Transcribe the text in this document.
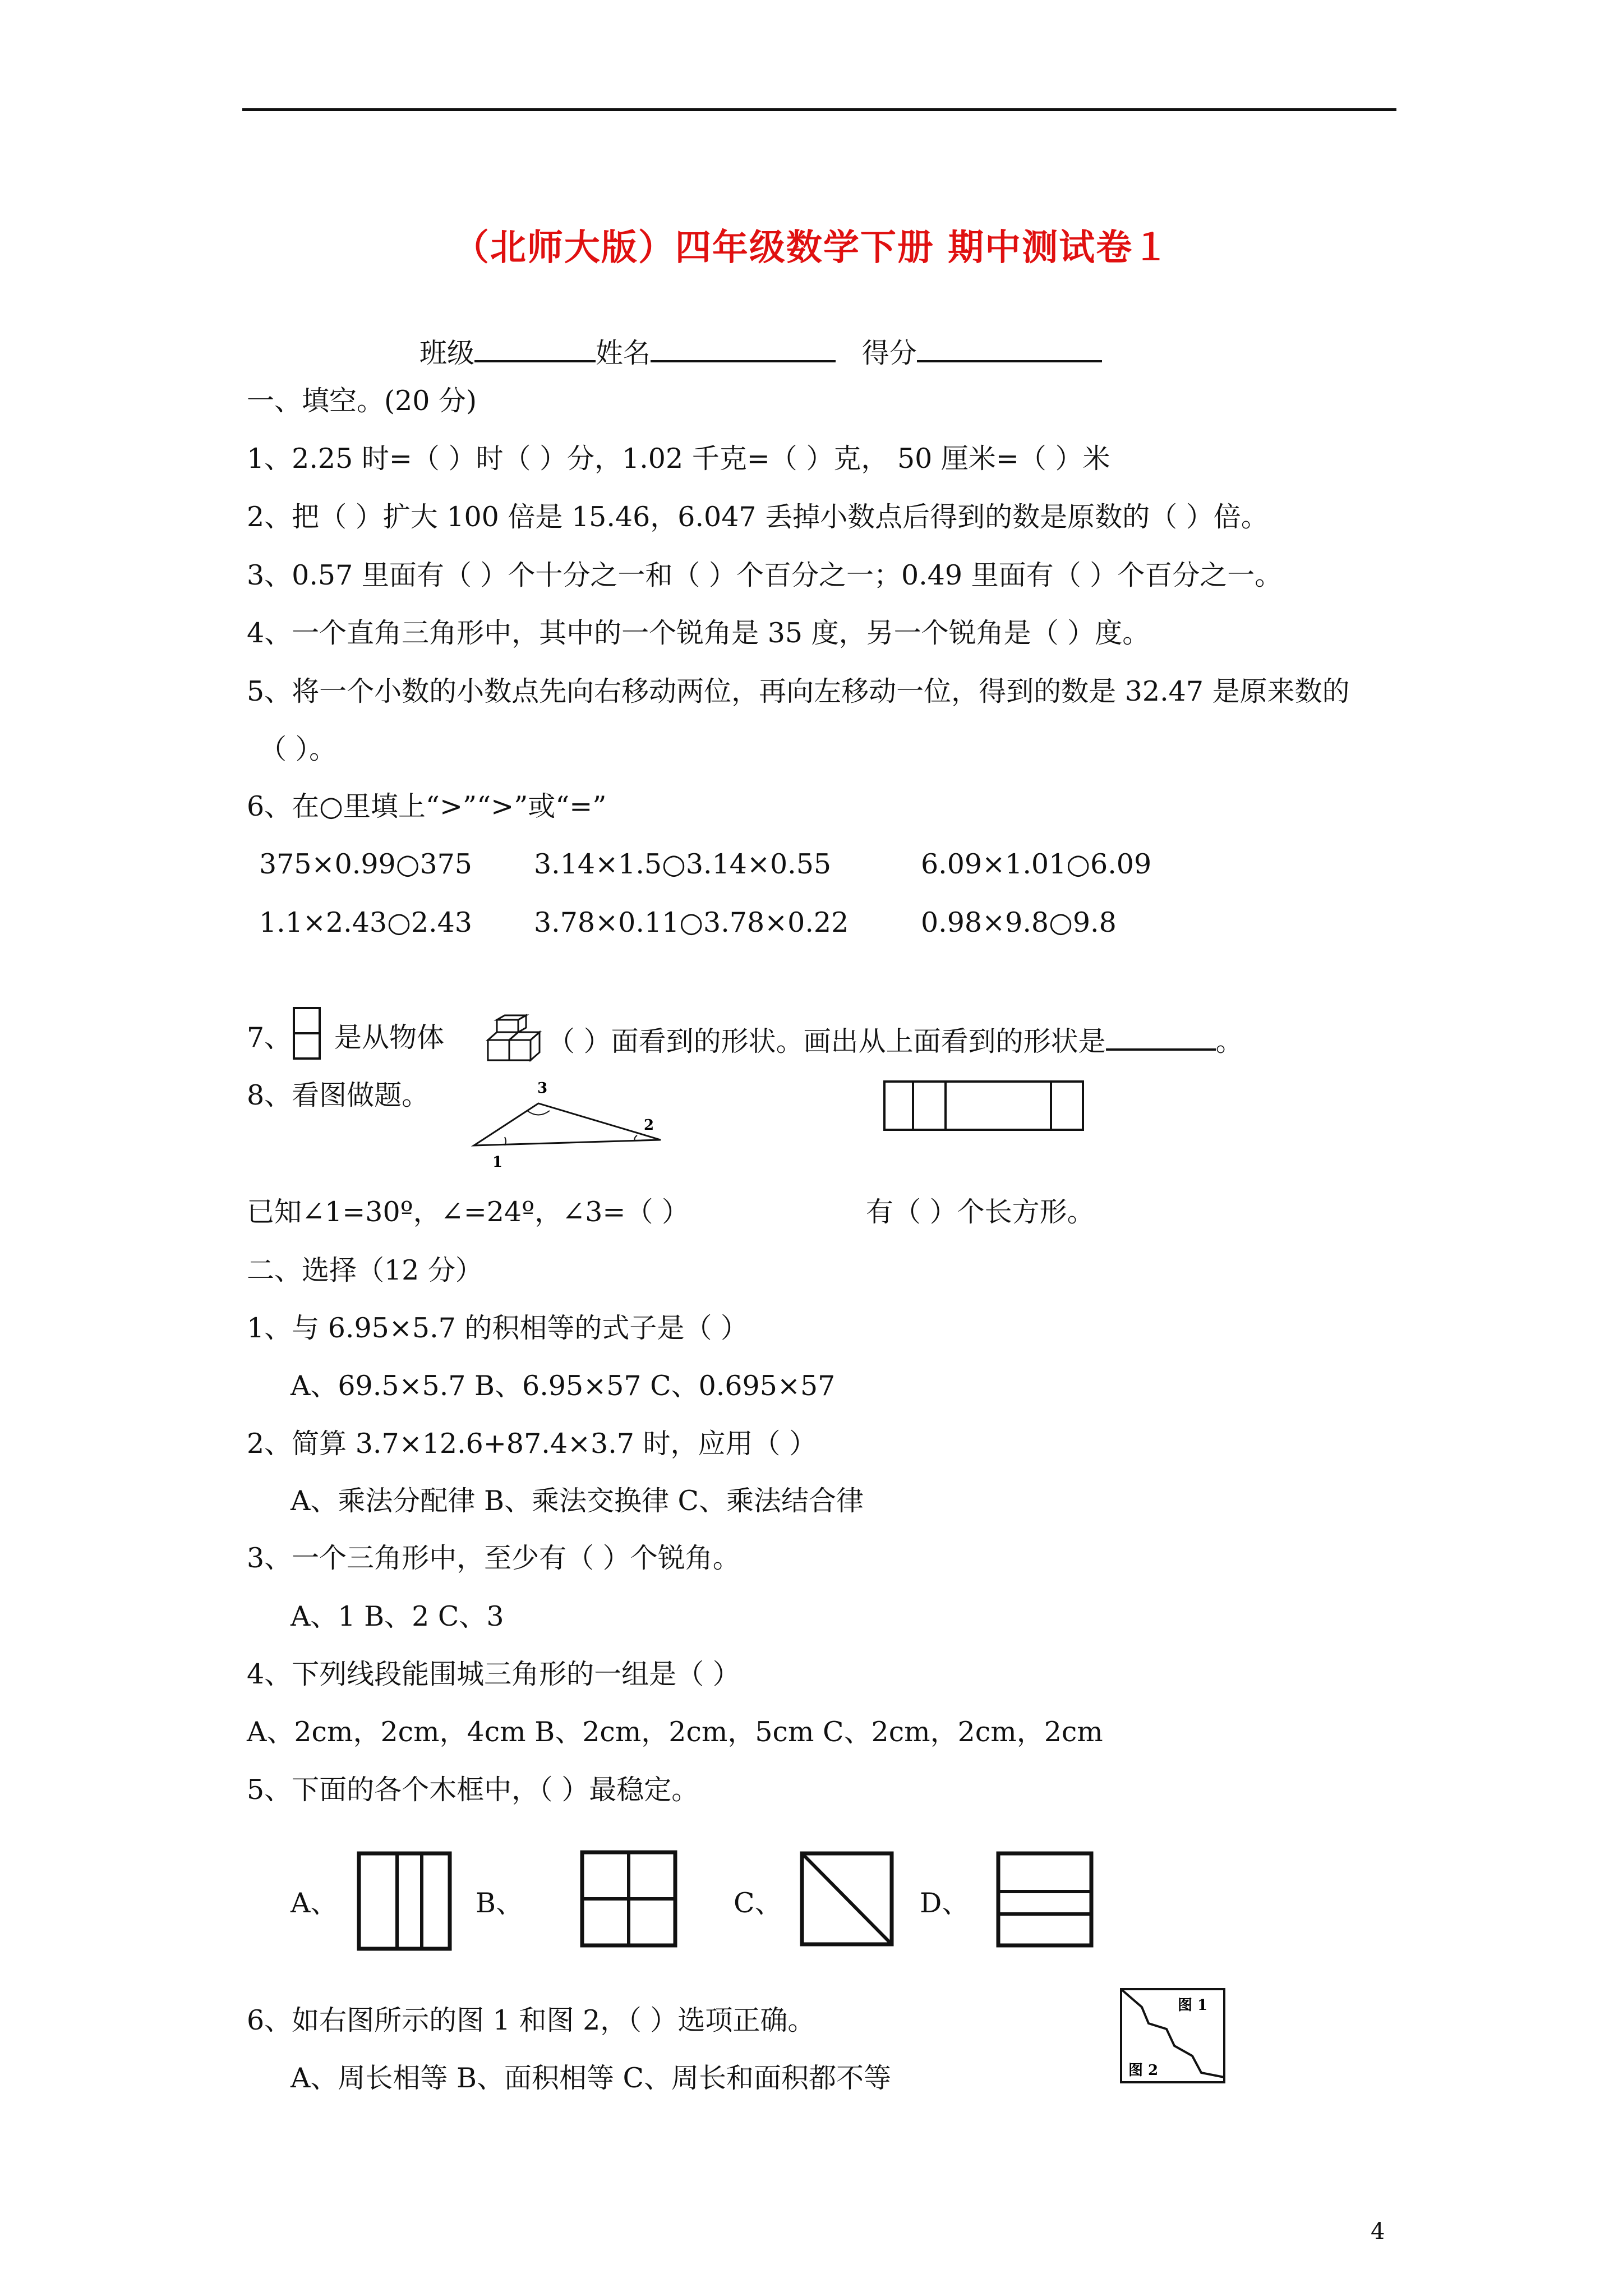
（北师大版）四年级数学下册 期中测试卷１
班级	姓名	得分
一、填空。(20 分)
1、2.25 时=（ ）时（ ）分，1.02 千克=（ ）克， 50 厘米=（ ）米
2、把（ ）扩大 100 倍是 15.46，6.047 丢掉小数点后得到的数是原数的（ ）倍。
3、0.57 里面有（ ）个十分之一和（ ）个百分之一；0.49 里面有（ ）个百分之一。
4、一个直角三角形中，其中的一个锐角是 35 度，另一个锐角是（ ）度。
5、将一个小数的小数点先向右移动两位，再向左移动一位，得到的数是 32.47 是原来数的
（ ）。
6、在○里填上“>”“>”或“=”
375×0.99○375 3.14×1.5○3.14×0.55	6.09×1.01○6.09
1.1×2.43○2.43 3.78×0.11○3.78×0.22	0.98×9.8○9.8
7、 是从物体	（ ）面看到的形状。画出从上面看到的形状是	。
8、看图做题。
1
2
3
已知∠1=30º，∠=24º，∠3=（ ）	有（ ）个长方形。
二、选择（12 分）
1、与 6.95×5.7 的积相等的式子是（ ）
A、69.5×5.7 B、6.95×57 C、0.695×57
2、简算 3.7×12.6+87.4×3.7 时，应用（ ）
A、乘法分配律 B、乘法交换律 C、乘法结合律
3、一个三角形中，至少有（ ）个锐角。
A、1 B、2 C、3
4、下列线段能围城三角形的一组是（ ）
A、2cm，2cm，4cm B、2cm，2cm，5cm C、2cm，2cm，2cm
5、下面的各个木框中，（ ）最稳定。
A、	B、	C、	D、
6、如右图所示的图 1 和图 2，（ ）选项正确。
A、周长相等 B、面积相等 C、周长和面积都不等
图 1
图 2
4
